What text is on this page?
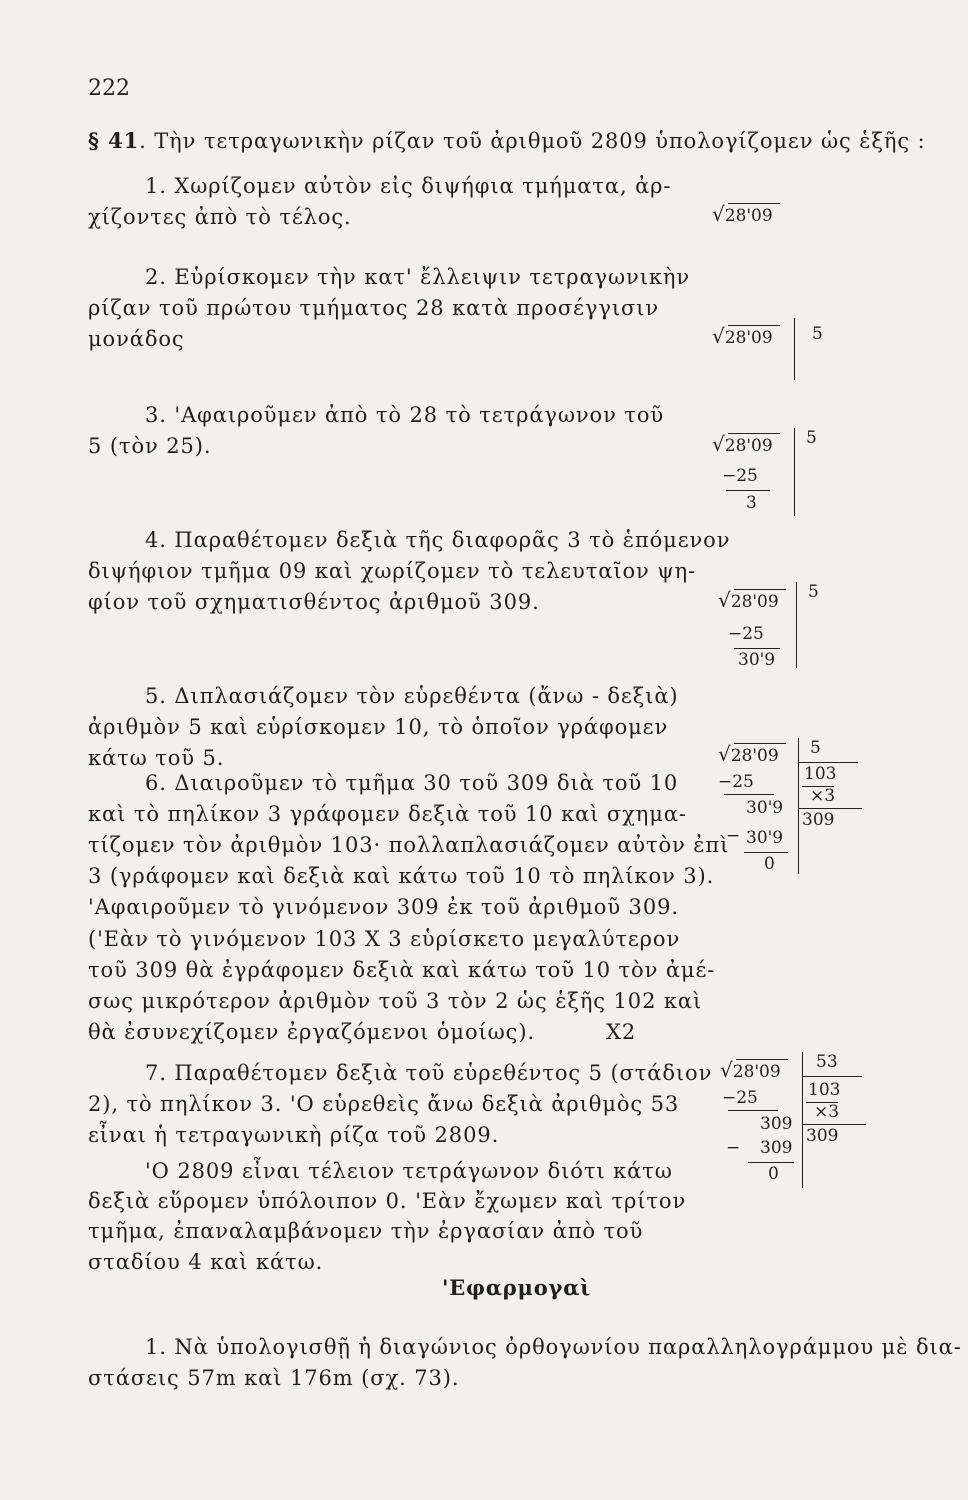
222
§ 41. Τὴν τετραγωνικὴν ρίζαν τοῦ ἀριθμοῦ 2809 ὑπολογίζομεν ὡς ἑξῆς :
1. Χωρίζομεν αὐτὸν εἰς διψήφια τμήματα, ἀρ-
χίζοντες ἀπὸ τὸ τέλος.	√28'09
2. Εὑρίσκομεν τὴν κατ' ἔλλειψιν τετραγωνικὴν
ρίζαν τοῦ πρώτου τμήματος 28 κατὰ προσέγγισιν
μονάδος	√28'09 5
3. 'Αφαιροῦμεν ἀπὸ τὸ 28 τὸ τετράγωνον τοῦ
5 (τὸν 25).	√28'09 5
−25
3
4. Παραθέτομεν δεξιὰ τῆς διαφορᾶς 3 τὸ ἑπόμενον
διψήφιον τμῆμα 09 καὶ χωρίζομεν τὸ τελευταῖον ψη-
φίον τοῦ σχηματισθέντος ἀριθμοῦ 309.	√28'09 5
−25
30'9
5. Διπλασιάζομεν τὸν εὑρεθέντα (ἄνω - δεξιὰ)
ἀριθμὸν 5 καὶ εὑρίσκομεν 10, τὸ ὁποῖον γράφομεν
κάτω τοῦ 5.
6. Διαιροῦμεν τὸ τμῆμα 30 τοῦ 309 διὰ τοῦ 10
καὶ τὸ πηλίκον 3 γράφομεν δεξιὰ τοῦ 10 καὶ σχημα-
τίζομεν τὸν ἀριθμὸν 103· πολλαπλασιάζομεν αὐτὸν ἐπὶ
3 (γράφομεν καὶ δεξιὰ καὶ κάτω τοῦ 10 τὸ πηλίκον 3).
'Αφαιροῦμεν τὸ γινόμενον 309 ἐκ τοῦ ἀριθμοῦ 309.
('Εὰν τὸ γινόμενον 103 Χ 3 εὑρίσκετο μεγαλύτερον
τοῦ 309 θὰ ἐγράφομεν δεξιὰ καὶ κάτω τοῦ 10 τὸν ἀμέ-
σως μικρότερον ἀριθμὸν τοῦ 3 τὸν 2 ὡς ἑξῆς 102 καὶ
θὰ ἐσυνεχίζομεν ἐργαζόμενοι ὁμοίως).	Χ2
√28'09 5
103
×3
309
−25
30'9
− 30'9
0
7. Παραθέτομεν δεξιὰ τοῦ εὑρεθέντος 5 (στάδιον
2), τὸ πηλίκον 3. 'Ο εὑρεθεὶς ἄνω δεξιὰ ἀριθμὸς 53
εἶναι ἡ τετραγωνικὴ ρίζα τοῦ 2809.
√28'09 53
103
×3
309
−25
309
− 309
0
'Ο 2809 εἶναι τέλειον τετράγωνον διότι κάτω
δεξιὰ εὕρομεν ὑπόλοιπον 0. 'Εὰν ἔχωμεν καὶ τρίτον
τμῆμα, ἐπαναλαμβάνομεν τὴν ἐργασίαν ἀπὸ τοῦ
σταδίου 4 καὶ κάτω.
'Εφαρμογαὶ
1. Νὰ ὑπολογισθῇ ἡ διαγώνιος ὀρθογωνίου παραλληλογράμμου μὲ δια-
στάσεις 57m καὶ 176m (σχ. 73).
